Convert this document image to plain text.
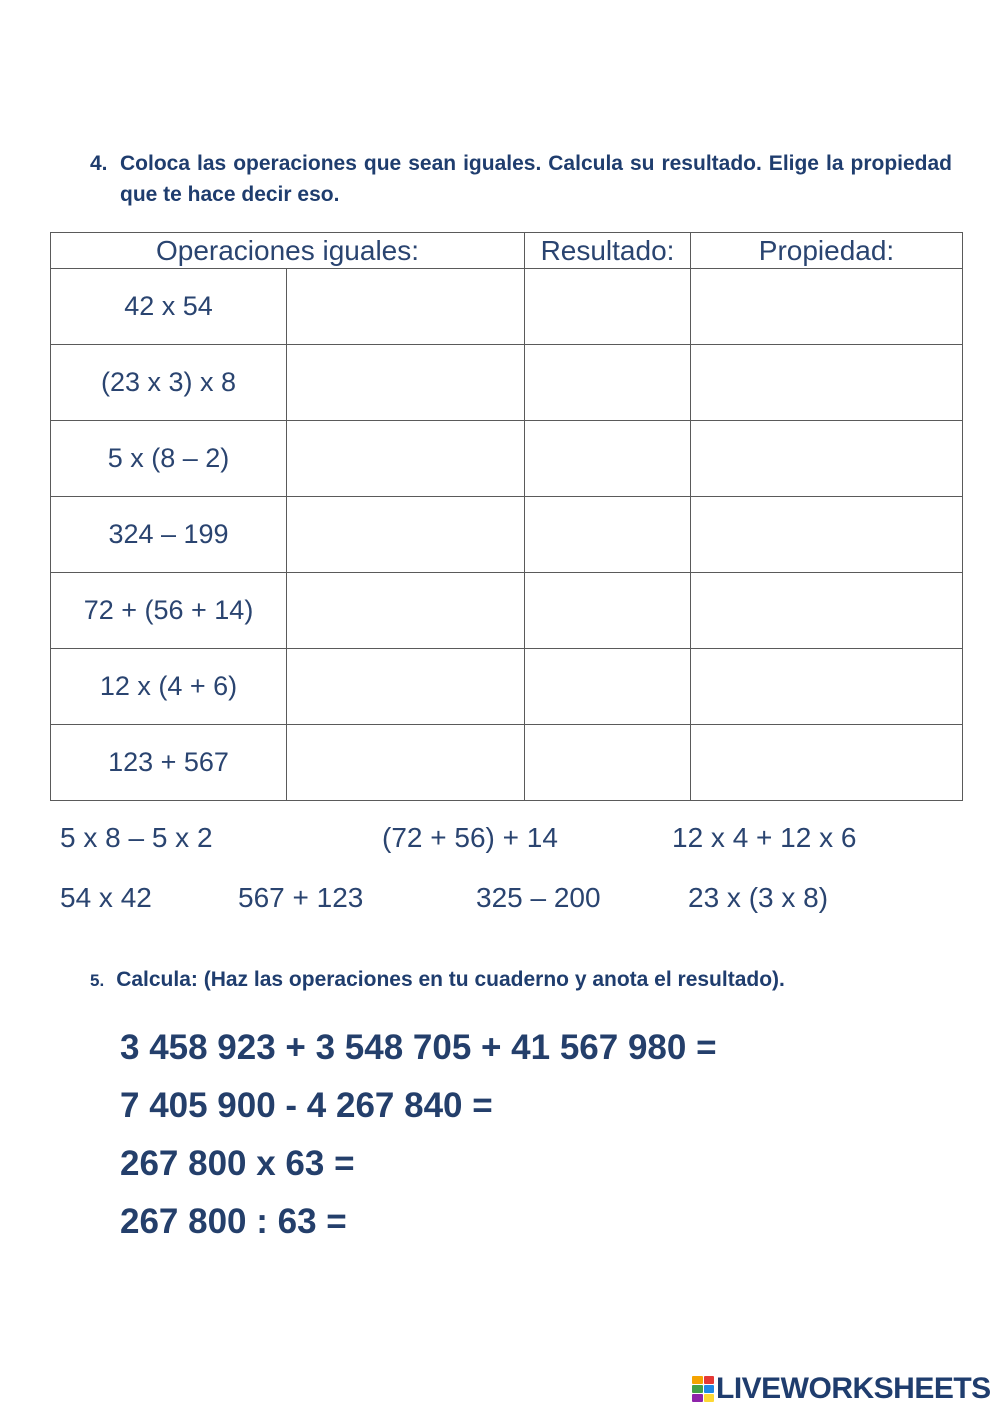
4. Coloca las operaciones que sean iguales. Calcula su resultado. Elige la propiedad que te hace decir eso.
Operaciones iguales:		Resultado:	Propiedad:
42 x 54			
(23 x 3) x 8			
5 x (8 – 2)			
324 – 199			
72 + (56 + 14)			
12 x (4 + 6)			
123 + 567			
5 x 8 – 5 x 2	(72 + 56) + 14	12 x 4 + 12 x 6
54 x 42	567 + 123	325 – 200	23 x (3 x 8)
5. Calcula: (Haz las operaciones en tu cuaderno y anota el resultado).
3 458 923 + 3 548 705 + 41 567 980 =
7 405 900 - 4 267 840 =
267 800 x 63 =
267 800 : 63 =
LIVEWORKSHEETS
